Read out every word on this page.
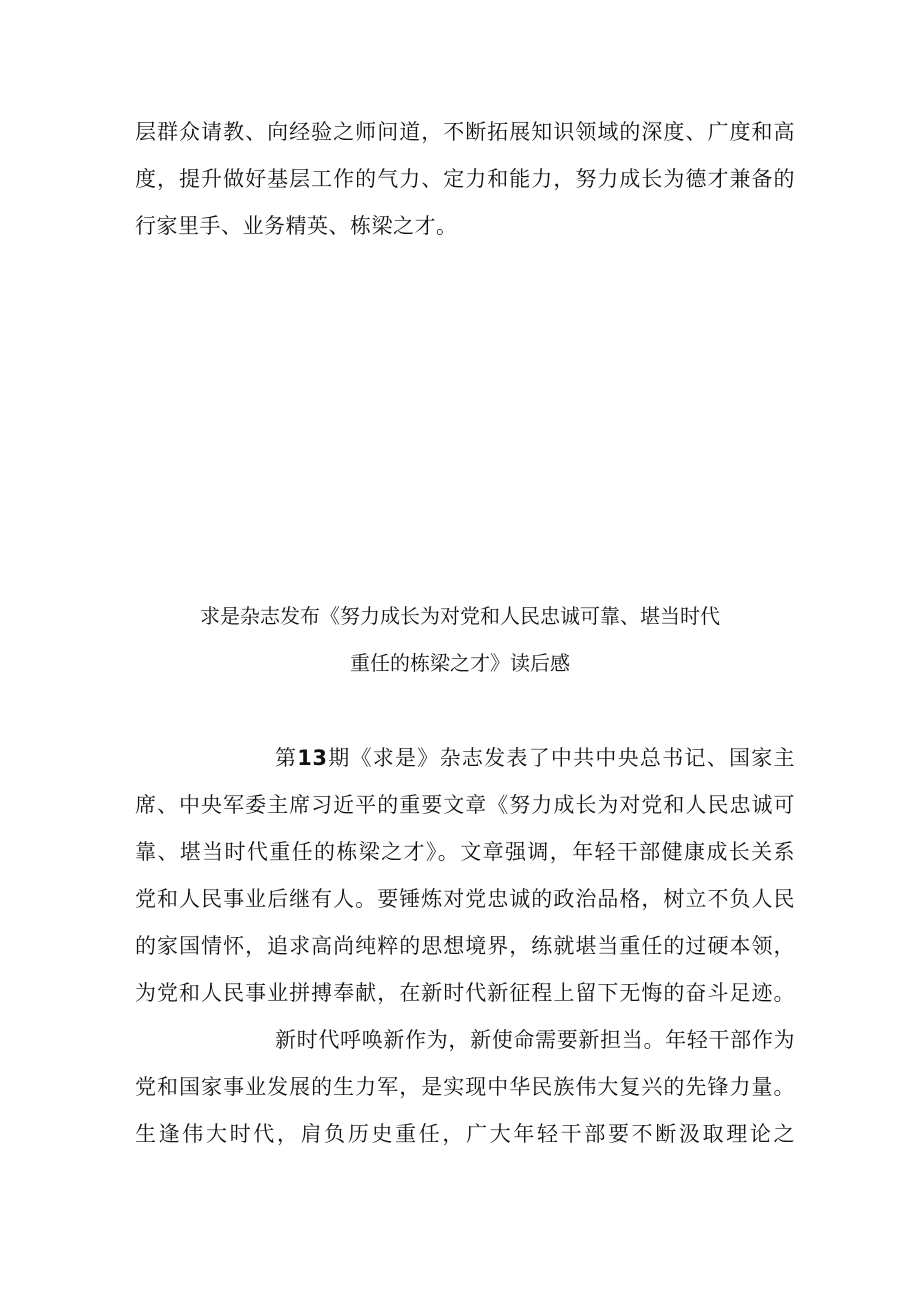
层群众请教、向经验之师问道，不断拓展知识领域的深度、广度和高
度，提升做好基层工作的气力、定力和能力，努力成长为德才兼备的
行家里手、业务精英、栋梁之才。
求是杂志发布《努力成长为对党和人民忠诚可靠、堪当时代
重任的栋梁之才》读后感
第13期《求是》杂志发表了中共中央总书记、国家主
席、中央军委主席习近平的重要文章《努力成长为对党和人民忠诚可
靠、堪当时代重任的栋梁之才》。文章强调，年轻干部健康成长关系
党和人民事业后继有人。要锤炼对党忠诚的政治品格，树立不负人民
的家国情怀，追求高尚纯粹的思想境界，练就堪当重任的过硬本领，
为党和人民事业拼搏奉献，在新时代新征程上留下无悔的奋斗足迹。
新时代呼唤新作为，新使命需要新担当。年轻干部作为
党和国家事业发展的生力军，是实现中华民族伟大复兴的先锋力量。
生逢伟大时代，肩负历史重任，广大年轻干部要不断汲取理论之
